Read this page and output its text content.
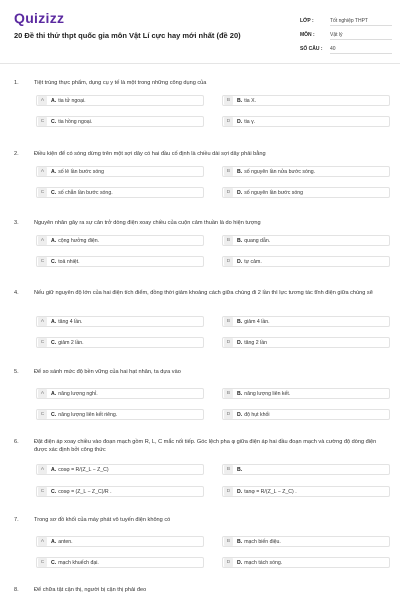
Quizizz
20 Đề thi thử thpt quốc gia môn Vật Lí cực hay mới nhất (đề 20)
LỚP :	Tốt nghiệp THPT
MÔN :	Vật lý
SỐ CÂU :	40
1.	Tiệt trùng thực phẩm, dụng cụ y tế là một trong những công dụng của
A	A. tia tử ngoại.	B	B. tia X.
C	C. tia hồng ngoại.	D	D. tia γ.
2.	Điều kiện để có sóng dừng trên một sợi dây có hai đầu cố định là chiều dài sợi dây phải bằng
A	A. số lẻ lần bước sóng	B	B. số nguyên lần nửa bước sóng.
C	C. số chẵn lần bước sóng.	D	D. số nguyên lần bước sóng
3.	Nguyên nhân gây ra sự cản trở dòng điện xoay chiều của cuộn cảm thuần là do hiện tượng
A	A. cộng hưởng điện.	B	B. quang dẫn.
C	C. toả nhiệt.	D	D. tự cảm.
4.	Nếu giữ nguyên độ lớn của hai điện tích điểm, đồng thời giảm khoảng cách giữa chúng đi 2 lần thì lực tương tác tĩnh điện giữa chúng sẽ
A	A. tăng 4 lần.	B	B. giảm 4 lần.
C	C. giảm 2 lần.	D	D. tăng 2 lần
5.	Để so sánh mức độ bền vững của hai hạt nhân, ta dựa vào
A	A. năng lượng nghỉ.	B	B. năng lượng liên kết.
C	C. năng lượng liên kết riêng.	D	D. độ hụt khối
6.	Đặt điện áp xoay chiều vào đoạn mạch gồm R, L, C mắc nối tiếp. Góc lệch pha φ giữa điện áp hai đầu đoạn mạch và cường độ dòng điện được xác định bởi công thức
A	A. cosφ = R/(Z_L − Z_C)	B	B.
C	C. cosφ = (Z_L − Z_C)/R .	D	D. tanφ = R/(Z_L − Z_C) .
7.	Trong sơ đồ khối của máy phát vô tuyến điện không có
A	A. anten.	B	B. mạch biến điệu.
C	C. mạch khuếch đại.	D	D. mạch tách sóng.
8.	Để chữa tật cận thị, người bị cận thị phải đeo
